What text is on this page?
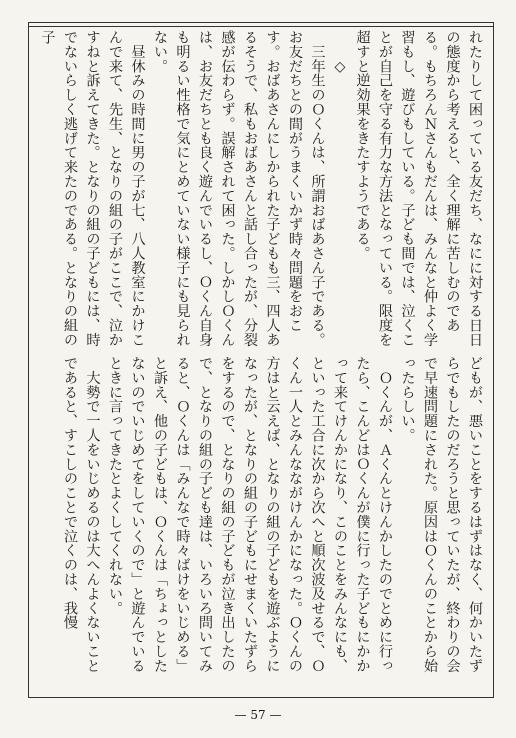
れたりして困っている友だち、なにに対する日日の態度から考えると、全く理解に苦しむのである。もちろんＮさんもだんは、みんなと仲よく学習もし、遊びもしている。子ども間では、泣くことが自己を守る有力な方法となっている。限度を超すと逆効果をきたすようである。
　　◇
　三年生のＯくんは、所謂おばあさん子である。お友だちとの間がうまくいかず時々問題をおこす。おばあさんにしかられた子どもも三、四人あるそうで、私もおばあさんと話し合ったが、分裂感が伝わらず。誤解されて困った。しかしＯくんは、お友だちとも良く遊んでいるし、Ｏくん自身も明るい性格で気にとめていない様子にも見られない。
　昼休みの時間に男の子が七、八人教室にかけこんで来て、先生、となりの組の子がここで、泣かすねと訴えてきた。となりの組の子どもには、時でないらしく逃げて来たのである。となりの組の子
どもが、悪いことをするはずはなく、何かいたずらでもしたのだろうと思っていたが、終わりの会で早速問題にされた。原因はＯくんのことから始ったらしい。
　Ｏくんが、Ａくんとけんかしたのでとめに行ったら、こんどはＯくんが僕に行った子どもにかかって来てけんかになり、このことをみんなにも、といった工合に次から次へと順次波及せるで、Ｏくん一人とみんなながけんかになった。Ｏくんの方はと云えば、となりの組の子どもを遊ぶようになったが、となりの組の子どもにせまくいたずらをするので、となりの組の子どもが泣き出したので、となりの組の子ども達は、いろいろ問いてみると、Ｏくんは「みんなで時々ばけをいじめる」と訴え、他の子どもは、Ｏくんは「ちょっとしたないのでいじめてをしていくので」と遊んでいるときに言ってきたとよくしてくれない。
　大勢で一人をいじめるのは大へんよくないことであると、すこしのことで泣くのは、我慢
— 57 —
